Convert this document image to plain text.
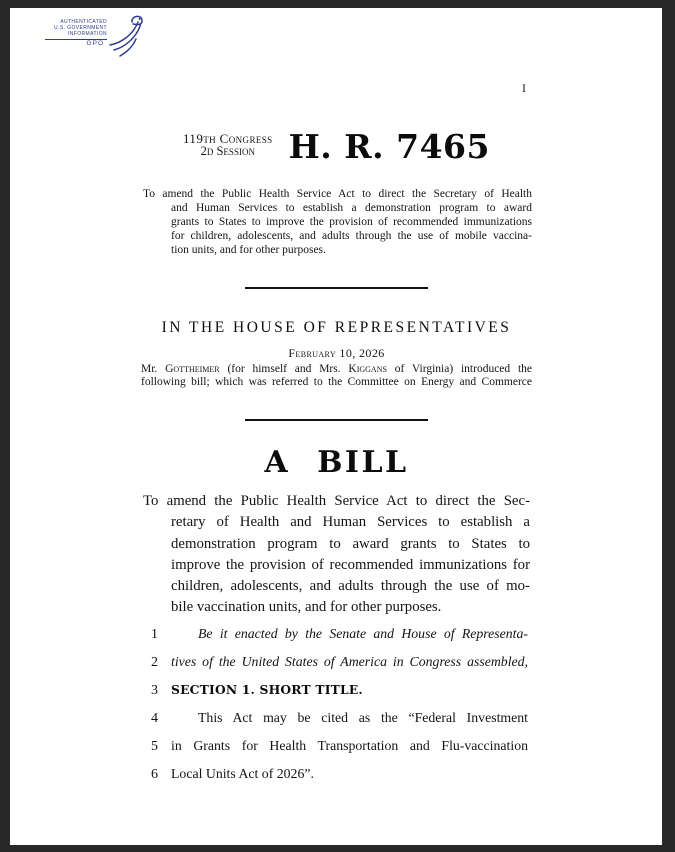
AUTHENTICATED
U.S. GOVERNMENT
INFORMATION
GPO
I
119th Congress
2d Session	H. R. 7465
To amend the Public Health Service Act to direct the Secretary of Health
and Human Services to establish a demonstration program to award
grants to States to improve the provision of recommended immunizations
for children, adolescents, and adults through the use of mobile vaccina-
tion units, and for other purposes.
IN THE HOUSE OF REPRESENTATIVES
February 10, 2026
Mr. Gottheimer (for himself and Mrs. Kiggans of Virginia) introduced the
following bill; which was referred to the Committee on Energy and Commerce
A BILL
To amend the Public Health Service Act to direct the Sec-
retary of Health and Human Services to establish a
demonstration program to award grants to States to
improve the provision of recommended immunizations for
children, adolescents, and adults through the use of mo-
bile vaccination units, and for other purposes.
1	Be it enacted by the Senate and House of Representa-
2 tives of the United States of America in Congress assembled,
3	SECTION 1. SHORT TITLE.
4	This Act may be cited as the “Federal Investment
5 in Grants for Health Transportation and Flu-vaccination
6 Local Units Act of 2026”.
